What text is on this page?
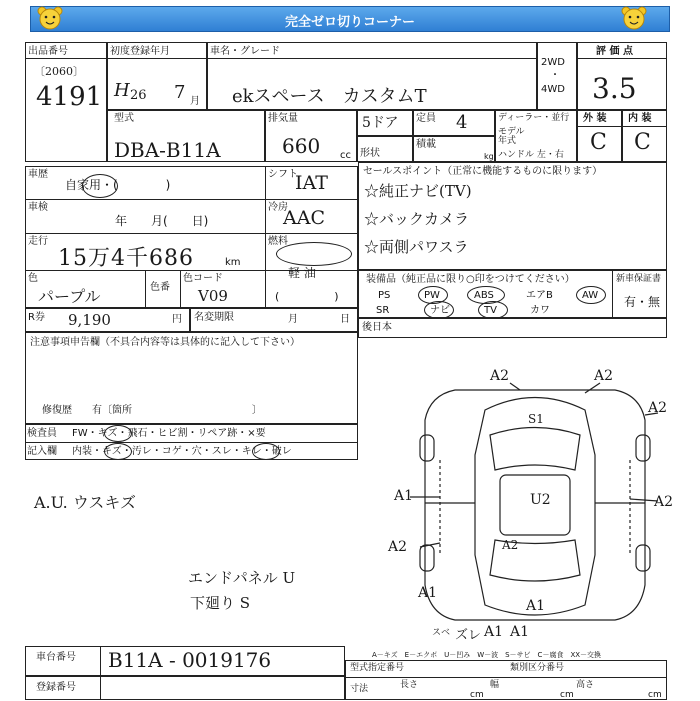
完全ゼロ切りコーナー
出品番号
〔2060〕
4191
初度登録年月
H 26 7 月
車名・グレード
ekスペース　カスタムT
2WD
・
4WD
評 価 点
3.5
型式
DBA-B11A
排気量
660 cc
5ドア 定員 4
形状
積載
kg
ディーラー・並行
モデル 年式
ハンドル 左・右
外 装
C
内 装
C
車歴
自家用・(　　　　)
車検
年　　月(　　日)
走行
15万4千686	km
色
パープル	色番
色コード
V09
シフト
IAT
冷房
AAC
燃料
軽 油
(　　　　　)
セールスポイント（正常に機能するものに限ります）
☆純正ナビ(TV)
☆バックカメラ
☆両側パワスラ
装備品（純正品に限り○印をつけてください）
PS	PW	ABS	エアB	AW
SR	ナビ	TV	カワ
新車保証書
有・無
R券 9,190	円 名変期限	月	日
後日本
注意事項申告欄（不具合内容等は具体的に記入して下さい）
修復歴　　有〔箇所　　　　　　　　　　　　〕
検査員 FW・キズ・飛石・ヒビ割・リペア跡・×要
記入欄 内装・キズ・汚レ・コゲ・穴・スレ・キレ・破レ
A.U. ウスキズ
エンドパネル U
下廻り S
A2	A2
A2
S1
A2
A1	U2
A2	A2
A1
A1
A1 A1
スベ ズレ
A－キズ　E－エクボ　U－凹み　W－波　S－サビ　C－腐食　XX－交換
車台番号 B11A - 0019176
登録番号
型式指定番号	類別区分番号
寸法	長さ
cm
幅
cm
高さ
cm
